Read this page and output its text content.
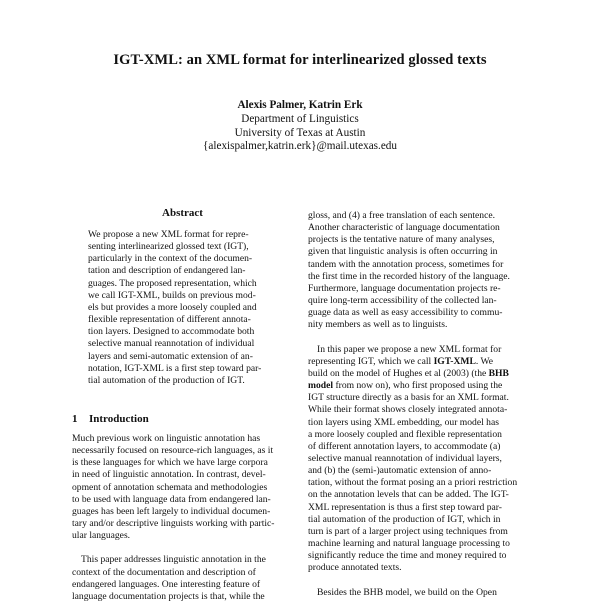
IGT-XML: an XML format for interlinearized glossed texts
Alexis Palmer, Katrin Erk
Department of Linguistics
University of Texas at Austin
{alexispalmer,katrin.erk}@mail.utexas.edu
Abstract
We propose a new XML format for repre-
senting interlinearized glossed text (IGT),
particularly in the context of the documen-
tation and description of endangered lan-
guages. The proposed representation, which
we call IGT-XML, builds on previous mod-
els but provides a more loosely coupled and
flexible representation of different annota-
tion layers. Designed to accommodate both
selective manual reannotation of individual
layers and semi-automatic extension of an-
notation, IGT-XML is a first step toward par-
tial automation of the production of IGT.
1 Introduction
Much previous work on linguistic annotation has
necessarily focused on resource-rich languages, as it
is these languages for which we have large corpora
in need of linguistic annotation. In contrast, devel-
opment of annotation schemata and methodologies
to be used with language data from endangered lan-
guages has been left largely to individual documen-
tary and/or descriptive linguists working with partic-
ular languages.
This paper addresses linguistic annotation in the
context of the documentation and description of
endangered languages. One interesting feature of
language documentation projects is that, while the
gloss, and (4) a free translation of each sentence.
Another characteristic of language documentation
projects is the tentative nature of many analyses,
given that linguistic analysis is often occurring in
tandem with the annotation process, sometimes for
the first time in the recorded history of the language.
Furthermore, language documentation projects re-
quire long-term accessibility of the collected lan-
guage data as well as easy accessibility to commu-
nity members as well as to linguists.
In this paper we propose a new XML format for
representing IGT, which we call IGT-XML. We
build on the model of Hughes et al (2003) (the BHB
model from now on), who first proposed using the
IGT structure directly as a basis for an XML format.
While their format shows closely integrated annota-
tion layers using XML embedding, our model has
a more loosely coupled and flexible representation
of different annotation layers, to accommodate (a)
selective manual reannotation of individual layers,
and (b) the (semi-)automatic extension of anno-
tation, without the format posing an a priori restriction
on the annotation levels that can be added. The IGT-
XML representation is thus a first step toward par-
tial automation of the production of IGT, which in
turn is part of a larger project using techniques from
machine learning and natural language processing to
significantly reduce the time and money required to
produce annotated texts.
Besides the BHB model, we build on the Open
